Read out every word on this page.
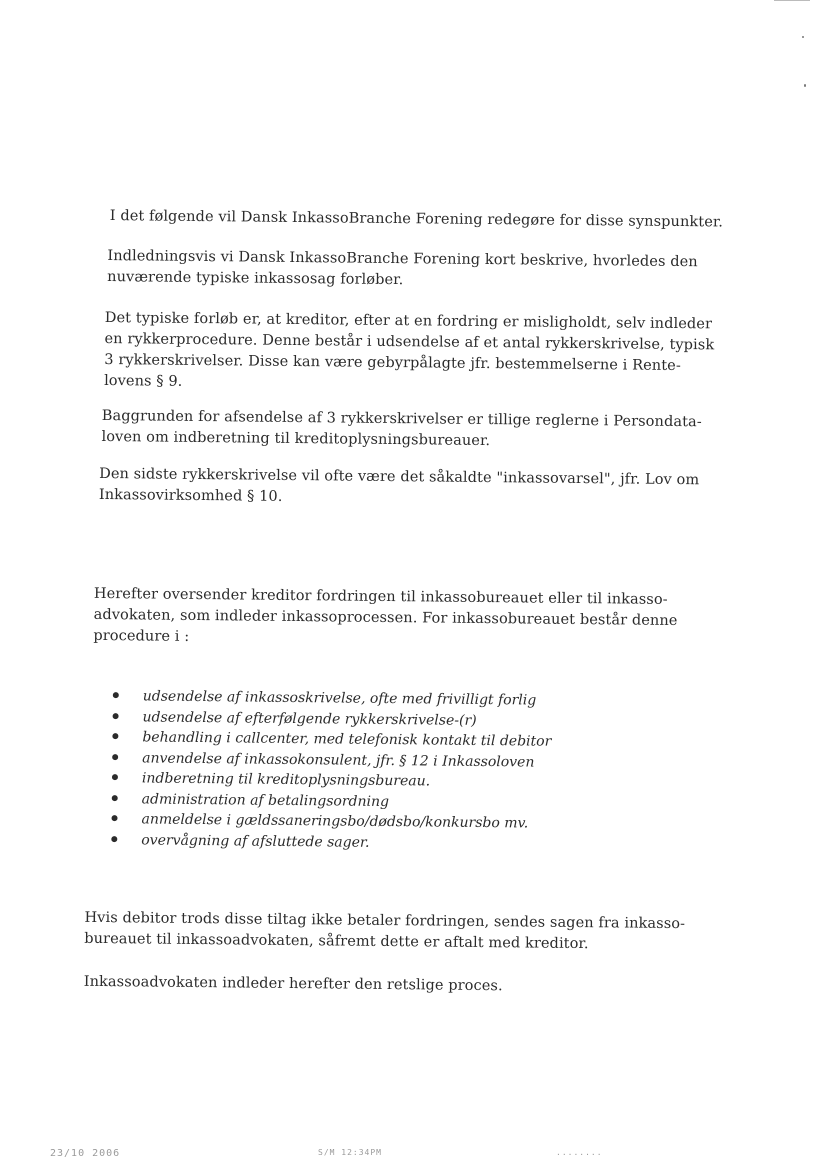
I det følgende vil Dansk InkassoBranche Forening redegøre for disse synspunkter.

Indledningsvis vi Dansk InkassoBranche Forening kort beskrive, hvorledes den
nuværende typiske inkassosag forløber.
Det typiske forløb er, at kreditor, efter at en fordring er misligholdt, selv indleder
en rykkerprocedure. Denne består i udsendelse af et antal rykkerskrivelse, typisk
3 rykkerskrivelser. Disse kan være gebyrpålagte jfr. bestemmelserne i Rente-
lovens § 9.
Baggrunden for afsendelse af 3 rykkerskrivelser er tillige reglerne i Persondata-
loven om indberetning til kreditoplysningsbureauer.
Den sidste rykkerskrivelse vil ofte være det såkaldte "inkassovarsel", jfr. Lov om
Inkassovirksomhed § 10.
Herefter oversender kreditor fordringen til inkassobureauet eller til inkasso-
advokaten, som indleder inkassoprocessen. For inkassobureauet består denne
procedure i :
udsendelse af inkassoskrivelse, ofte med frivilligt forlig
udsendelse af efterfølgende rykkerskrivelse-(r)
behandling i callcenter, med telefonisk kontakt til debitor
anvendelse af inkassokonsulent, jfr. § 12 i Inkassoloven
indberetning til kreditoplysningsbureau.
administration af betalingsordning
anmeldelse i gældssaneringsbo/dødsbo/konkursbo mv.
overvågning af afsluttede sager.
Hvis debitor trods disse tiltag ikke betaler fordringen, sendes sagen fra inkasso-
bureauet til inkassoadvokaten, såfremt dette er aftalt med kreditor.

Inkassoadvokaten indleder herefter den retslige proces.

23/10 2006	S/M 12:34PM	........
